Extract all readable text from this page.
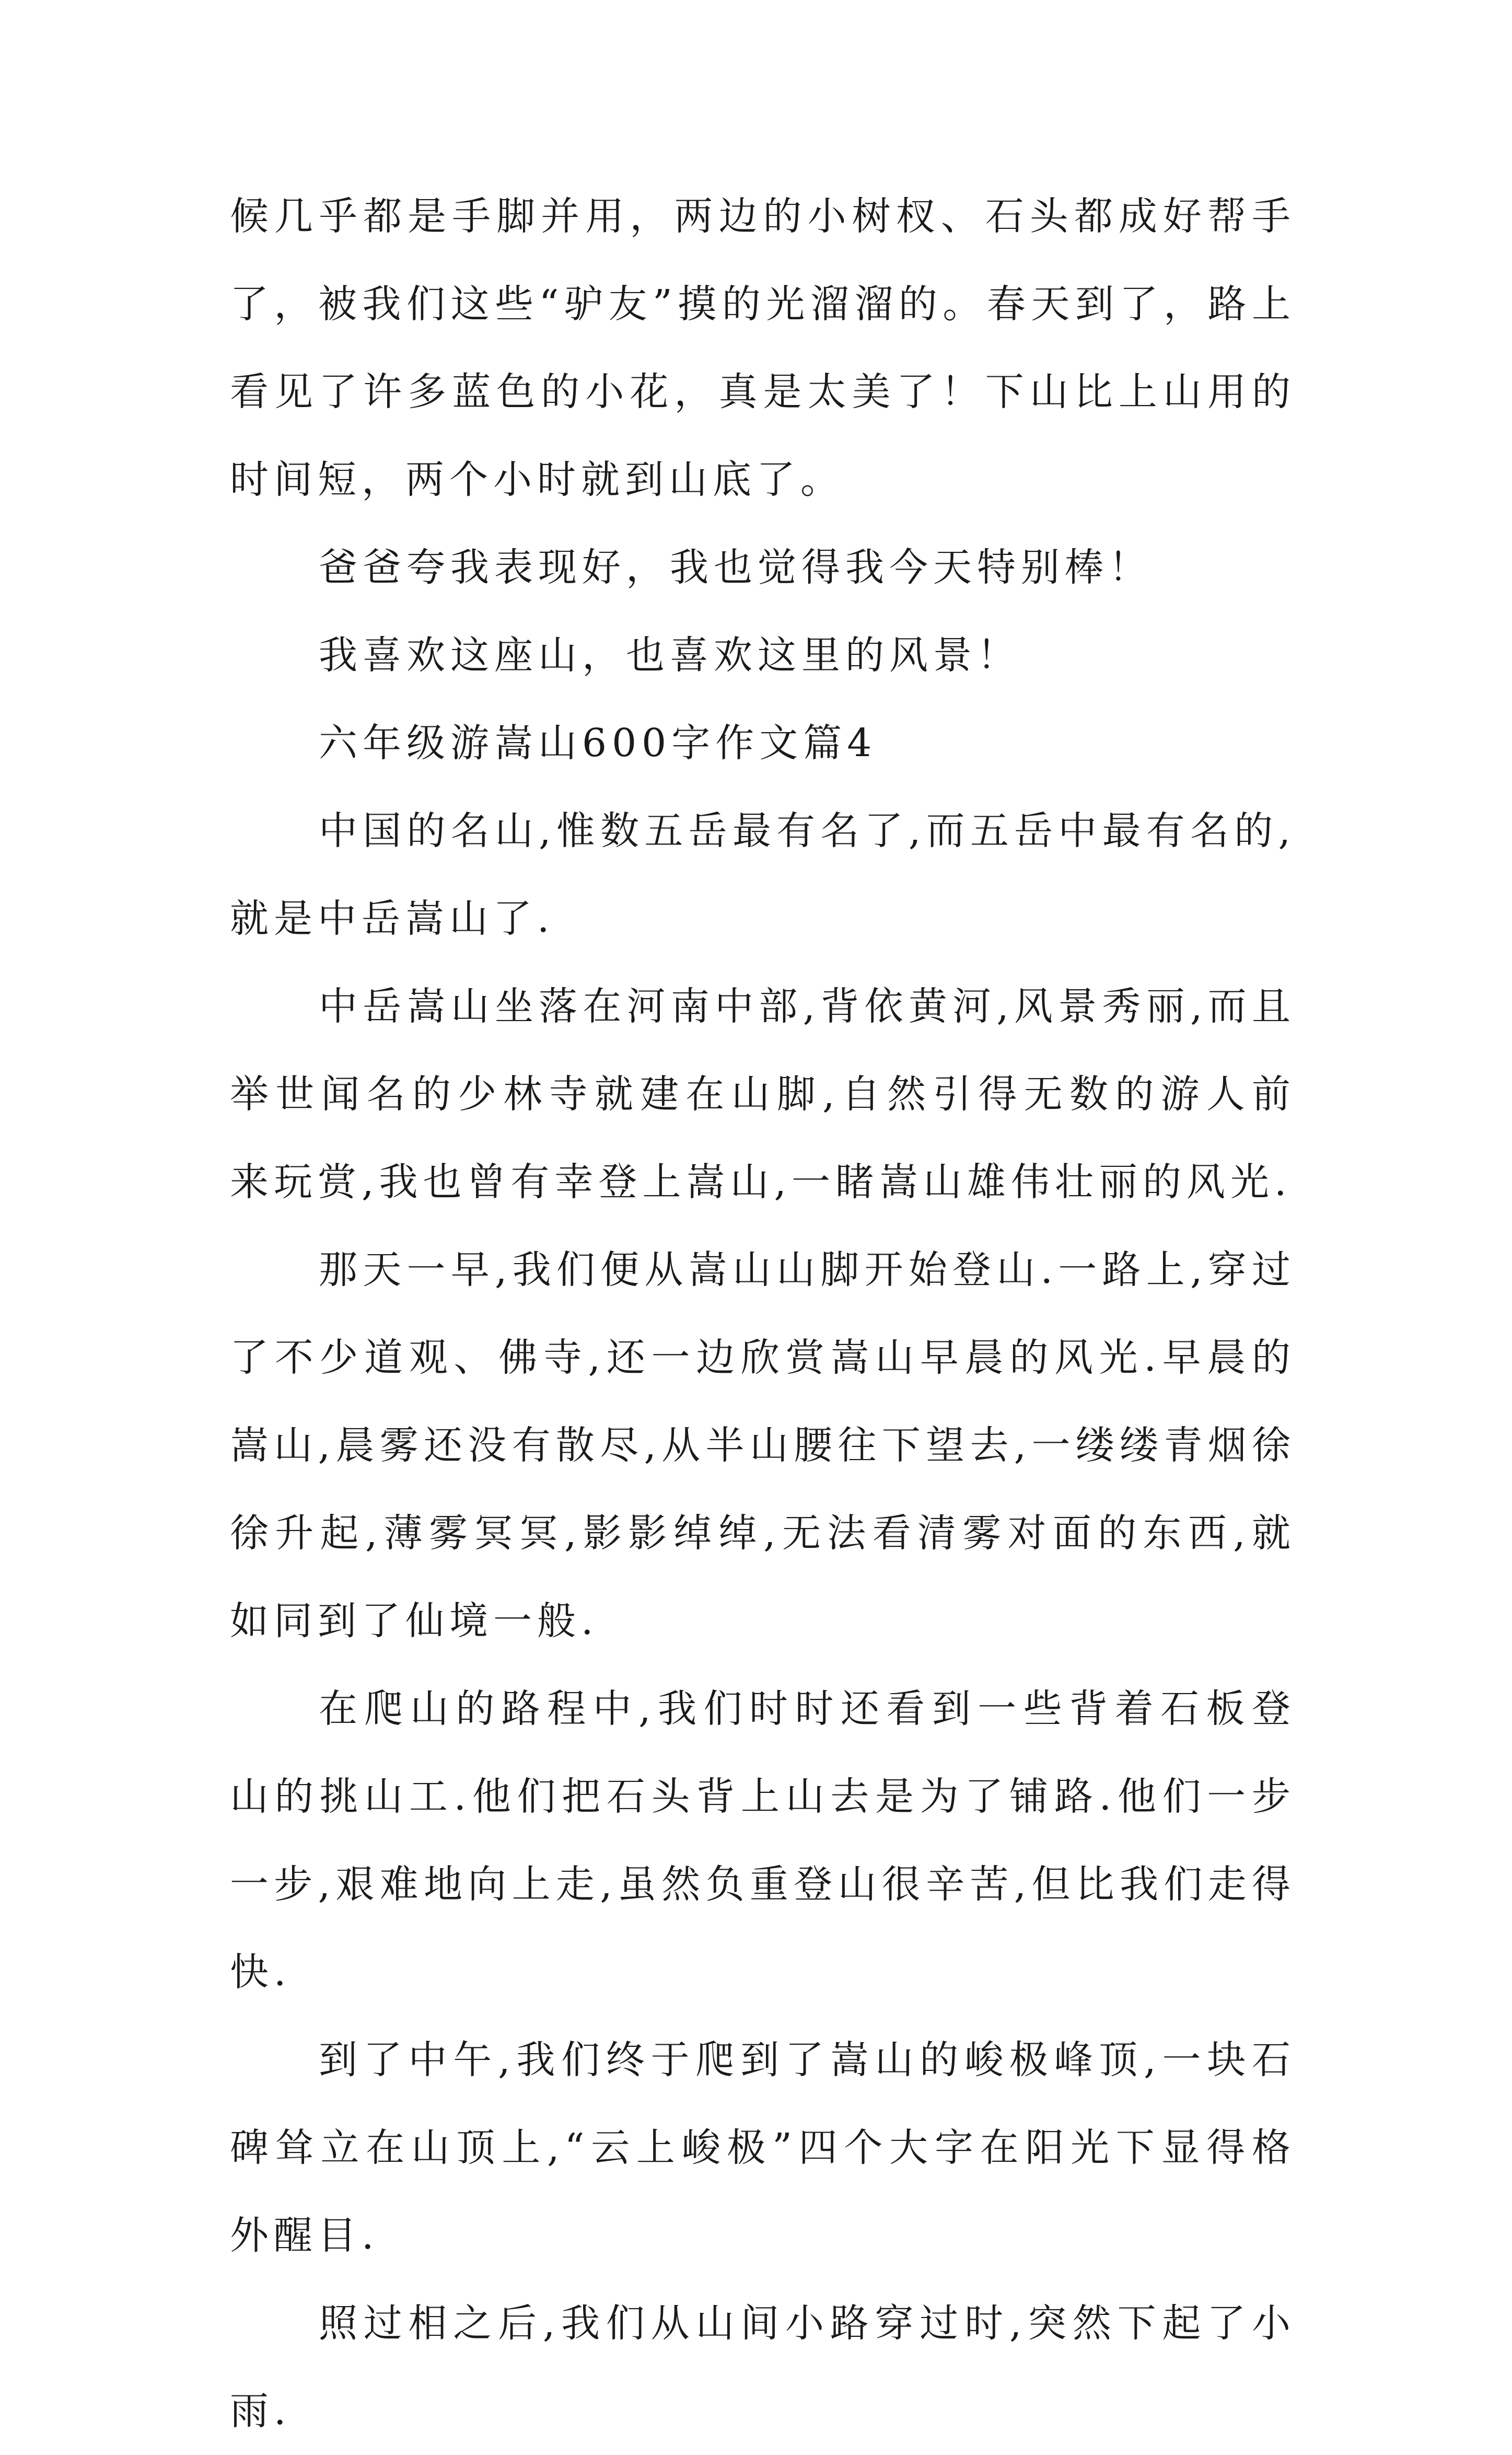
候几乎都是手脚并用，两边的小树杈、石头都成好帮手了，被我们这些“驴友”摸的光溜溜的。春天到了，路上看见了许多蓝色的小花，真是太美了！下山比上山用的时间短，两个小时就到山底了。

爸爸夸我表现好，我也觉得我今天特别棒！

我喜欢这座山，也喜欢这里的风景！

六年级游嵩山600字作文篇4

中国的名山,惟数五岳最有名了,而五岳中最有名的,就是中岳嵩山了.

中岳嵩山坐落在河南中部,背依黄河,风景秀丽,而且举世闻名的少林寺就建在山脚,自然引得无数的游人前来玩赏,我也曾有幸登上嵩山,一睹嵩山雄伟壮丽的风光.

那天一早,我们便从嵩山山脚开始登山.一路上,穿过了不少道观、佛寺,还一边欣赏嵩山早晨的风光.早晨的嵩山,晨雾还没有散尽,从半山腰往下望去,一缕缕青烟徐徐升起,薄雾冥冥,影影绰绰,无法看清雾对面的东西,就如同到了仙境一般.

在爬山的路程中,我们时时还看到一些背着石板登山的挑山工.他们把石头背上山去是为了铺路.他们一步一步,艰难地向上走,虽然负重登山很辛苦,但比我们走得快.

到了中午,我们终于爬到了嵩山的峻极峰顶,一块石碑耸立在山顶上,“云上峻极”四个大字在阳光下显得格外醒目.

照过相之后,我们从山间小路穿过时,突然下起了小雨.
